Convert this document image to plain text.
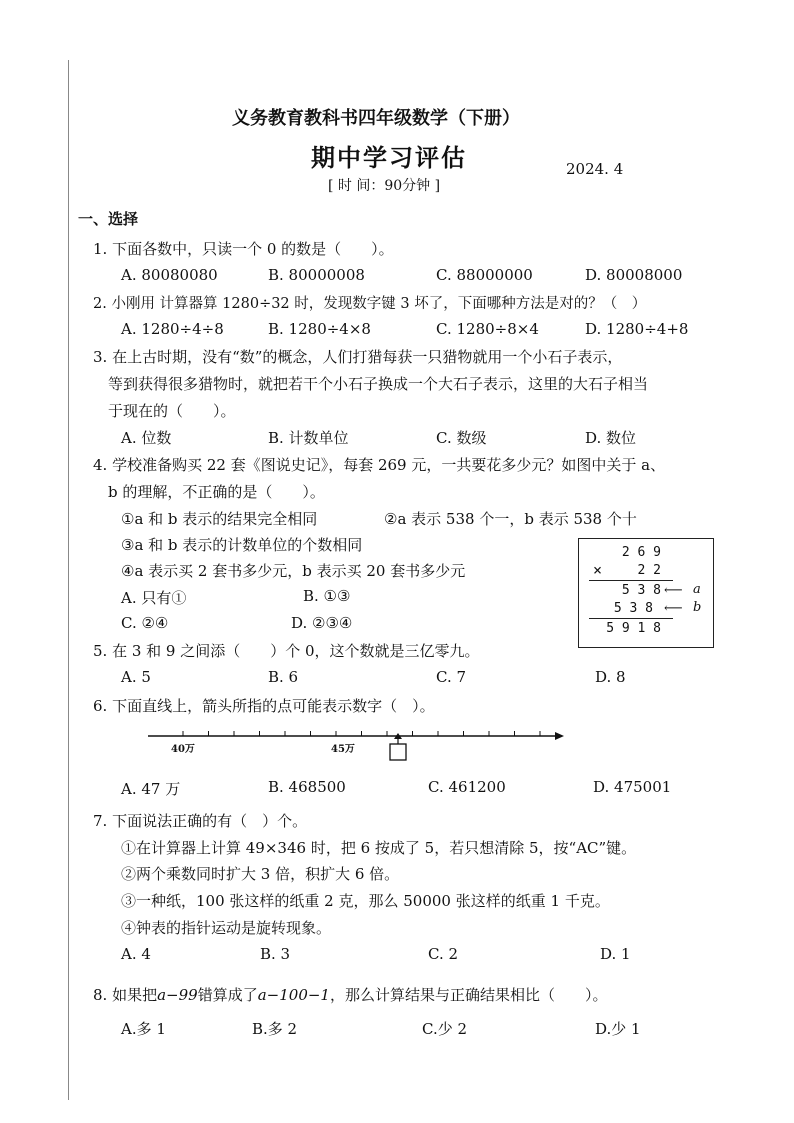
义务教育教科书四年级数学（下册）
期中学习评估	2024. 4
[ 时 间：90分钟 ]
一、选择
1. 下面各数中，只读一个 0 的数是（　　）。
A. 80080080	B. 80000008	C. 88000000	D. 80008000
2. 小刚用 计算器算 1280÷32 时，发现数字键 3 坏了，下面哪种方法是对的？（　）
A. 1280÷4÷8	B. 1280÷4×8	C. 1280÷8×4	D. 1280÷4+8
3. 在上古时期，没有“数”的概念，人们打猎每获一只猎物就用一个小石子表示，
等到获得很多猎物时，就把若干个小石子换成一个大石子表示，这里的大石子相当
于现在的（　　）。
A. 位数	B. 计数单位	C. 数级	D. 数位
4. 学校准备购买 22 套《图说史记》，每套 269 元，一共要花多少元？如图中关于 a、
b 的理解，不正确的是（　　）。
①a 和 b 表示的结果完全相同	②a 表示 538 个一，b 表示 538 个十
③a 和 b 表示的计数单位的个数相同
④a 表示买 2 套书多少元，b 表示买 20 套书多少元
A. 只有①	B. ①③
C. ②④	D. ②③④
2 6 9
×	2 2
5 3 8 ⟵ a
5 3 8 ⟵ b
5 9 1 8
5. 在 3 和 9 之间添（　　）个 0，这个数就是三亿零九。
A. 5	B. 6	C. 7	D. 8
6. 下面直线上，箭头所指的点可能表示数字（　）。
40万	45万
A. 47 万	B. 468500	C. 461200	D. 475001
7. 下面说法正确的有（　）个。
①在计算器上计算 49×346 时，把 6 按成了 5，若只想清除 5，按“AC”键。
②两个乘数同时扩大 3 倍，积扩大 6 倍。
③一种纸，100 张这样的纸重 2 克，那么 50000 张这样的纸重 1 千克。
④钟表的指针运动是旋转现象。
A. 4	B. 3	C. 2	D. 1
8. 如果把a−99错算成了a−100−1，那么计算结果与正确结果相比（　　）。
A.多 1	B.多 2	C.少 2	D.少 1
